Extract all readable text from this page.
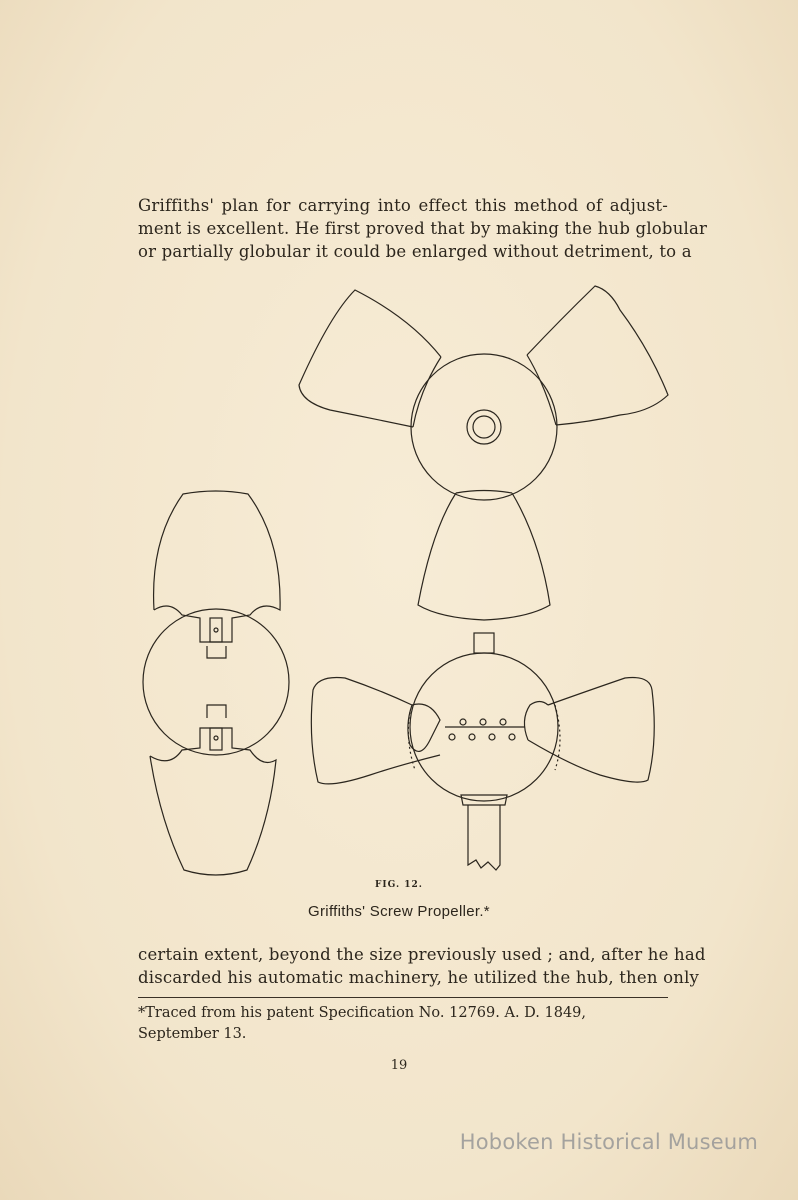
Griffiths' plan for carrying into effect this method of adjust-
ment is excellent. He first proved that by making the hub globular
or partially globular it could be enlarged without detriment, to a
FIG. 12.
Griffiths' Screw Propeller.*
certain extent, beyond the size previously used ; and, after he had
discarded his automatic machinery, he utilized the hub, then only
*Traced from his patent Specification No. 12769. A. D. 1849, September 13.
19
Hoboken Historical Museum
